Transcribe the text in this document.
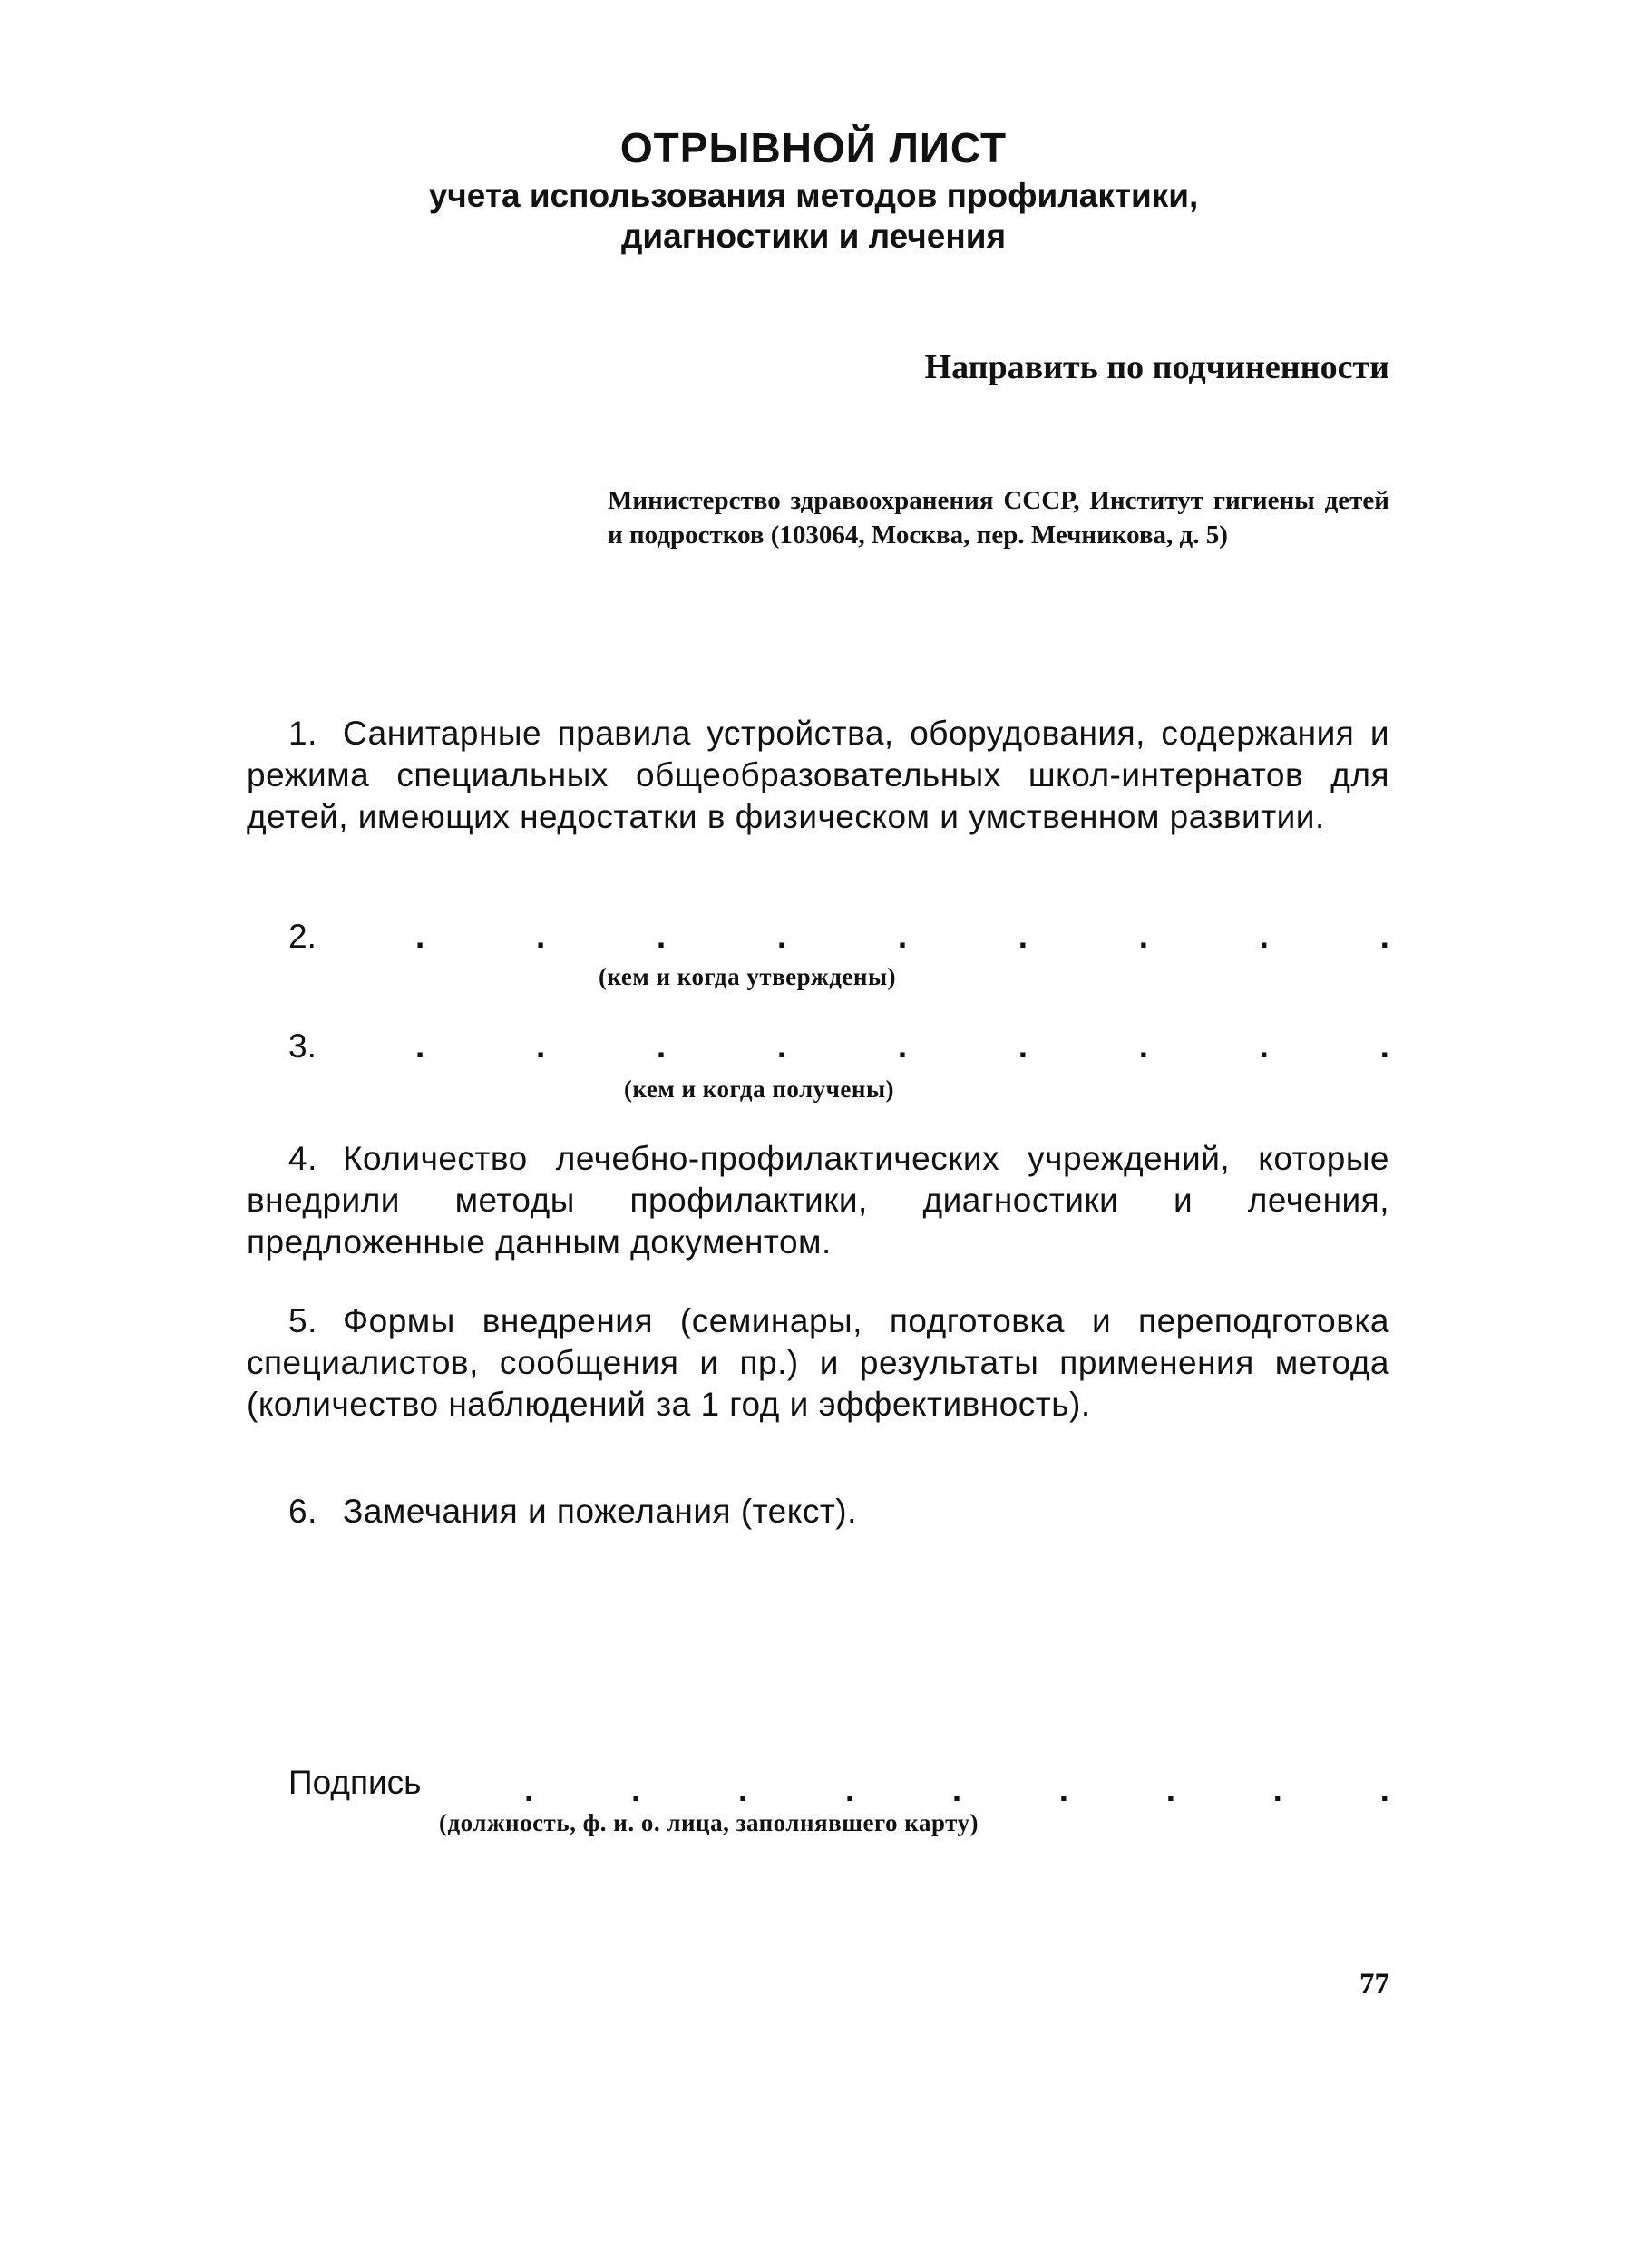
ОТРЫВНОЙ ЛИСТ
учета использования методов профилактики,
диагностики и лечения
Направить по подчиненности
Министерство здравоохранения СССР, Институт гигиены детей и подростков (103064, Москва, пер. Мечникова, д. 5)
1. Санитарные правила устройства, оборудования, содержания и режима специальных общеобразовательных школ-интернатов для детей, имеющих недостатки в физическом и умственном развитии.
2.	.	.	.	.	.	.	.	.	.
(кем и когда утверждены)
3.	.	.	.	.	.	.	.	.	.
(кем и когда получены)
4. Количество лечебно-профилактических учреждений, которые внедрили методы профилактики, диагностики и лечения, предложенные данным документом.
5. Формы внедрения (семинары, подготовка и переподготовка специалистов, сообщения и пр.) и результаты применения метода (количество наблюдений за 1 год и эффективность).
6. Замечания и пожелания (текст).
Подпись	.	.	.	.	.	.	.	.	.
(должность, ф. и. о. лица, заполнявшего карту)
77
